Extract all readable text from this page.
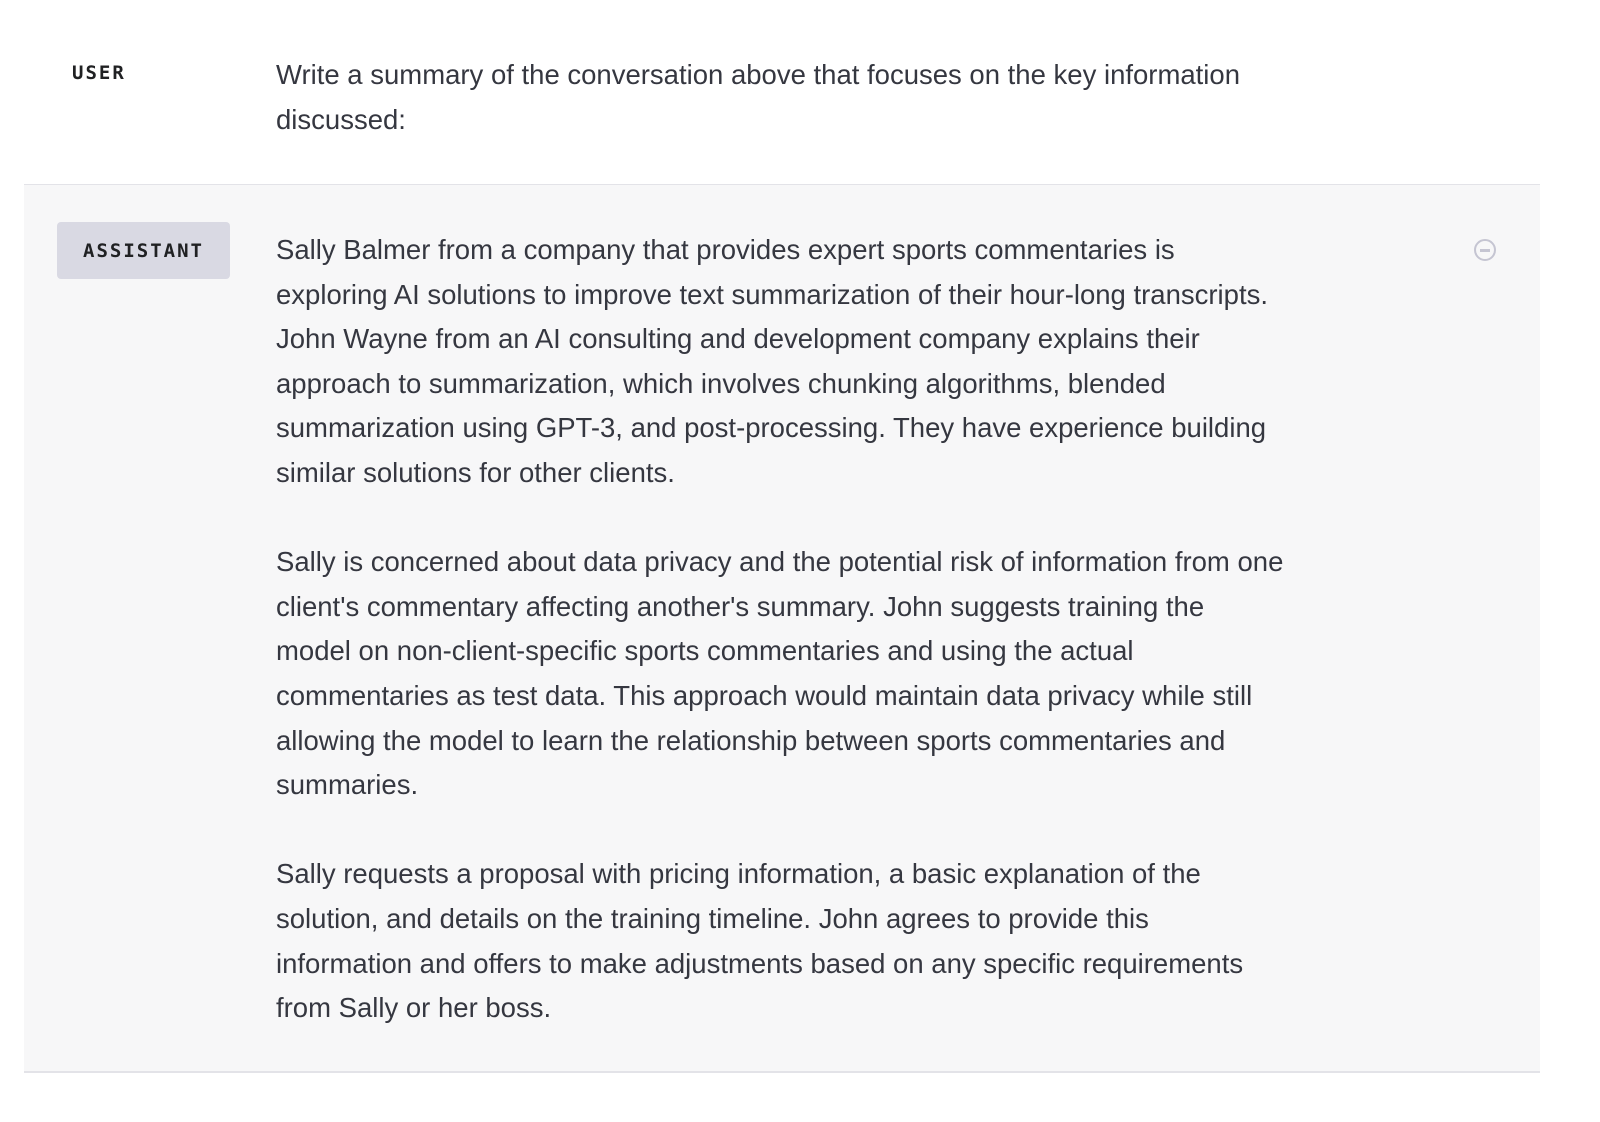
USER	Write a summary of the conversation above that focuses on the key information
discussed:
ASSISTANT	Sally Balmer from a company that provides expert sports commentaries is
exploring AI solutions to improve text summarization of their hour-long transcripts.
John Wayne from an AI consulting and development company explains their
approach to summarization, which involves chunking algorithms, blended
summarization using GPT-3, and post-processing. They have experience building
similar solutions for other clients.
Sally is concerned about data privacy and the potential risk of information from one
client's commentary affecting another's summary. John suggests training the
model on non-client-specific sports commentaries and using the actual
commentaries as test data. This approach would maintain data privacy while still
allowing the model to learn the relationship between sports commentaries and
summaries.
Sally requests a proposal with pricing information, a basic explanation of the
solution, and details on the training timeline. John agrees to provide this
information and offers to make adjustments based on any specific requirements
from Sally or her boss.
